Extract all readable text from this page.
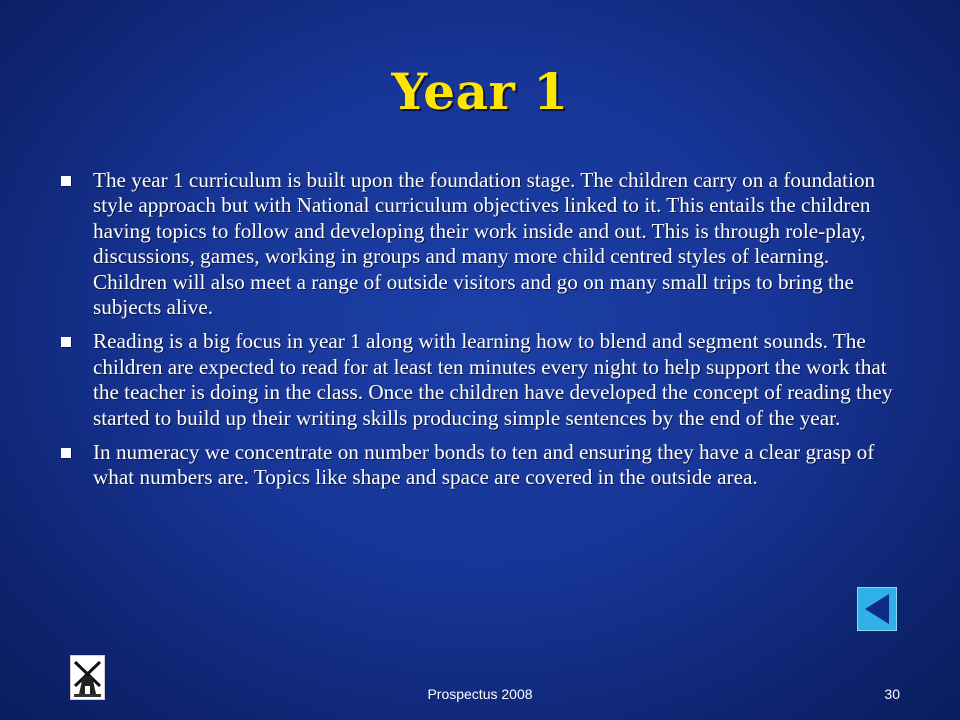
Year 1
The year 1 curriculum is built upon the foundation stage. The children carry on a foundation style approach but with National curriculum objectives linked to it. This entails the children having topics to follow and developing their work inside and out. This is through role-play, discussions, games, working in groups and many more child centred styles of learning. Children will also meet a range of outside visitors and go on many small trips to bring the subjects alive.
Reading is a big focus in year 1 along with learning how to blend and segment sounds. The children are expected to read for at least ten minutes every night to help support the work that the teacher is doing in the class. Once the children have developed the concept of reading they started to build up their writing skills producing simple sentences by the end of the year.
In numeracy we concentrate on number bonds to ten and ensuring they have a clear grasp of what numbers are. Topics like shape and space are covered in the outside area.
Prospectus 2008	30
